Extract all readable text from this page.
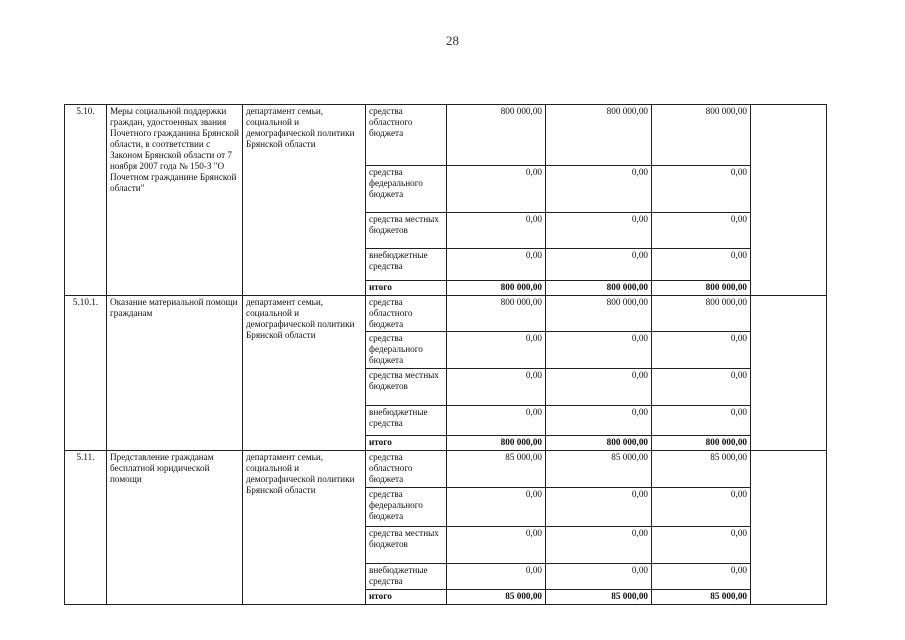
28
5.10.	Меры социальной поддержки граждан, удостоенных звания Почетного гражданина Брянской области, в соответствии с Законом Брянской области от 7 ноября 2007 года № 150-З "О Почетном гражданине Брянской области"	департамент семьи, социальной и демографической политики Брянской области	средства областного бюджета	800 000,00	800 000,00	800 000,00	
			средства федерального бюджета	0,00	0,00	0,00	
			средства местных бюджетов	0,00	0,00	0,00	
			внебюджетные средства	0,00	0,00	0,00	
			итого	800 000,00	800 000,00	800 000,00	
5.10.1.	Оказание материальной помощи гражданам	департамент семьи, социальной и демографической политики Брянской области	средства областного бюджета	800 000,00	800 000,00	800 000,00	
			средства федерального бюджета	0,00	0,00	0,00	
			средства местных бюджетов	0,00	0,00	0,00	
			внебюджетные средства	0,00	0,00	0,00	
			итого	800 000,00	800 000,00	800 000,00	
5.11.	Представление гражданам бесплатной юридической помощи	департамент семьи, социальной и демографической политики Брянской области	средства областного бюджета	85 000,00	85 000,00	85 000,00	
			средства федерального бюджета	0,00	0,00	0,00	
			средства местных бюджетов	0,00	0,00	0,00	
			внебюджетные средства	0,00	0,00	0,00	
			итого	85 000,00	85 000,00	85 000,00	
